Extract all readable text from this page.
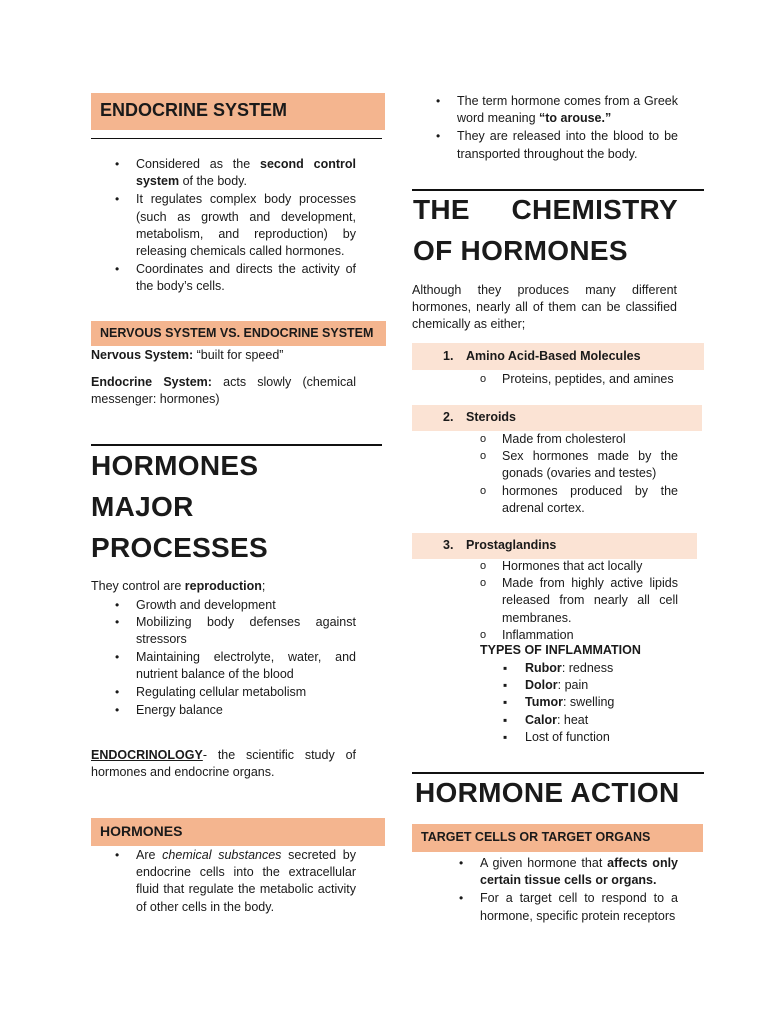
ENDOCRINE SYSTEM
• Considered as the second control system of the body.
• It regulates complex body processes (such as growth and development, metabolism, and reproduction) by releasing chemicals called hormones.
• Coordinates and directs the activity of the body’s cells.
NERVOUS SYSTEM VS. ENDOCRINE SYSTEM

Nervous System: “built for speed”

Endocrine System: acts slowly (chemical messenger: hormones)

HORMONES
MAJOR
PROCESSES

They control are reproduction;

• Growth and development
• Mobilizing body defenses against stressors
• Maintaining electrolyte, water, and nutrient balance of the blood
• Regulating cellular metabolism
• Energy balance

ENDOCRINOLOGY- the scientific study of hormones and endocrine organs.

HORMONES
• Are chemical substances secreted by endocrine cells into the extracellular fluid that regulate the metabolic activity of other cells in the body.
• The term hormone comes from a Greek word meaning “to arouse.”
• They are released into the blood to be transported throughout the body.
THE CHEMISTRY
OF HORMONES

Although they produces many different hormones, nearly all of them can be classified chemically as either;

1. Amino Acid-Based Molecules
o Proteins, peptides, and amines
2. Steroids
o Made from cholesterol
o Sex hormones made by the gonads (ovaries and testes)
o hormones produced by the adrenal cortex.
3. Prostaglandins
o Hormones that act locally
o Made from highly active lipids released from nearly all cell membranes.
o Inflammation
TYPES OF INFLAMMATION
▪ Rubor: redness
▪ Dolor: pain
▪ Tumor: swelling
▪ Calor: heat
▪ Lost of function
HORMONE ACTION
TARGET CELLS OR TARGET ORGANS
• A given hormone that affects only certain tissue cells or organs.
• For a target cell to respond to a hormone, specific protein receptors
